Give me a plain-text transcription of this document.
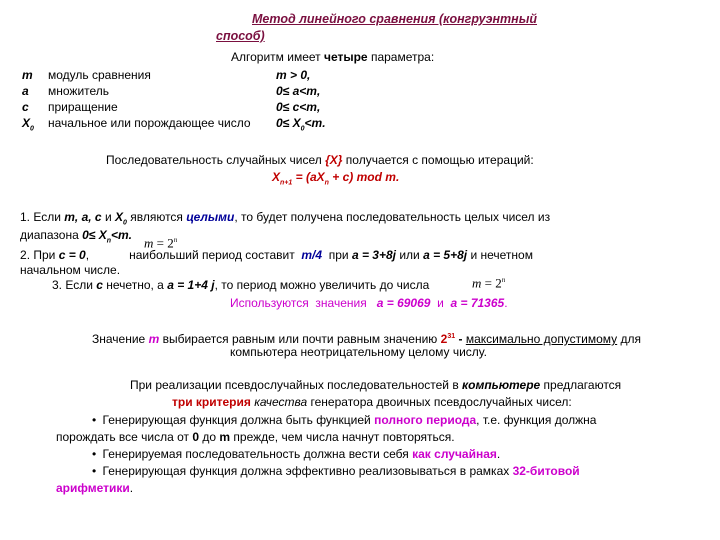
Метод линейного сравнения (конгруэнтный
способ)
Алгоритм имеет четыре параметра:
m модуль сравнения	m > 0,
a множитель	0≤ a<m,
c приращение	0≤ c<m,
$X_0$ начальное или порождающее число $0\le X_0<m$.
Последовательность случайных чисел {X} получается с помощью итераций:
$X_{n+1} = (aX_n + c)$ mod m.
1. Если m, a, c и $X_0$ являются целыми, то будет получена последовательность целых чисел из
диапазона $0\le X_n<m$.
$m = 2^n$
2. При c = 0,            наибольший период составит  m/4  при a = 3+8j или a = 5+8j и нечетном
начальном числе.
3. Если c нечетно, а a = 1+4 j, то период можно увеличить до числа	$m = 2^n$
Используются  значения   a = 69069  и  a = 71365.
Значение m выбирается равным или почти равным значению $2^{31}$ - максимально допустимому для
компьютера неотрицательному целому числу.
При реализации псевдослучайных последовательностей в компьютере предлагаются
три критерия качества генератора двоичных псевдослучайных чисел:
• Генерирующая функция должна быть функцией полного периода, т.е. функция должна
порождать все числа от 0 до m прежде, чем числа начнут повторяться.
• Генерируемая последовательность должна вести себя как случайная.
• Генерирующая функция должна эффективно реализовываться в рамках 32-битовой
арифметики.
